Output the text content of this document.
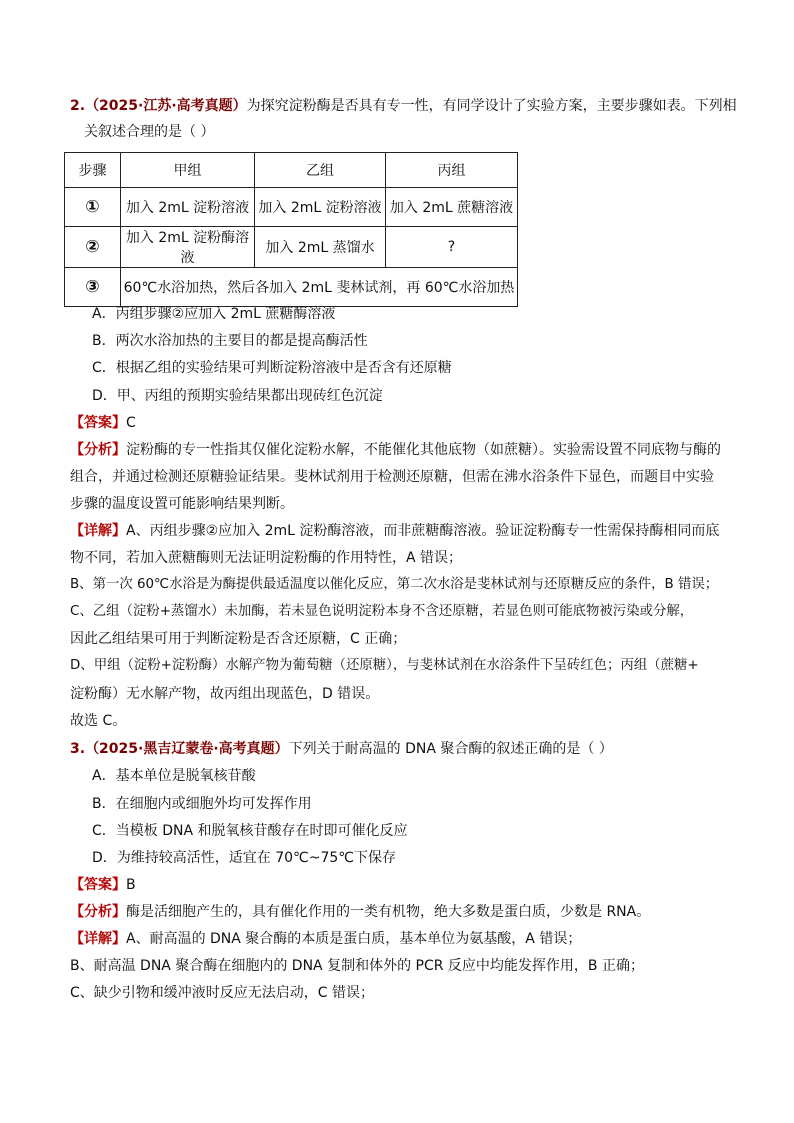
2.（2025·江苏·高考真题）为探究淀粉酶是否具有专一性，有同学设计了实验方案，主要步骤如表。下列相
关叙述合理的是（ ）
步骤	甲组	乙组	丙组
①	加入 2mL 淀粉溶液	加入 2mL 淀粉溶液	加入 2mL 蔗糖溶液
②	加入 2mL 淀粉酶溶液	加入 2mL 蒸馏水	?
③	60℃水浴加热，然后各加入 2mL 斐林试剂，再 60℃水浴加热		
A．丙组步骤②应加入 2mL 蔗糖酶溶液
B．两次水浴加热的主要目的都是提高酶活性
C．根据乙组的实验结果可判断淀粉溶液中是否含有还原糖
D．甲、丙组的预期实验结果都出现砖红色沉淀
【答案】C
【分析】淀粉酶的专一性指其仅催化淀粉水解，不能催化其他底物（如蔗糖）。实验需设置不同底物与酶的
组合，并通过检测还原糖验证结果。斐林试剂用于检测还原糖，但需在沸水浴条件下显色，而题目中实验
步骤的温度设置可能影响结果判断。
【详解】A、丙组步骤②应加入 2mL 淀粉酶溶液，而非蔗糖酶溶液。验证淀粉酶专一性需保持酶相同而底
物不同，若加入蔗糖酶则无法证明淀粉酶的作用特性，A 错误；
B、第一次 60℃水浴是为酶提供最适温度以催化反应，第二次水浴是斐林试剂与还原糖反应的条件，B 错误；
C、乙组（淀粉+蒸馏水）未加酶，若未显色说明淀粉本身不含还原糖，若显色则可能底物被污染或分解，
因此乙组结果可用于判断淀粉是否含还原糖，C 正确；
D、甲组（淀粉+淀粉酶）水解产物为葡萄糖（还原糖），与斐林试剂在水浴条件下呈砖红色；丙组（蔗糖+
淀粉酶）无水解产物，故丙组出现蓝色，D 错误。
故选 C。
3.（2025·黑吉辽蒙卷·高考真题）下列关于耐高温的 DNA 聚合酶的叙述正确的是（ ）
A．基本单位是脱氧核苷酸
B．在细胞内或细胞外均可发挥作用
C．当模板 DNA 和脱氧核苷酸存在时即可催化反应
D．为维持较高活性，适宜在 70℃~75℃下保存
【答案】B
【分析】酶是活细胞产生的，具有催化作用的一类有机物，绝大多数是蛋白质，少数是 RNA。
【详解】A、耐高温的 DNA 聚合酶的本质是蛋白质，基本单位为氨基酸，A 错误；
B、耐高温 DNA 聚合酶在细胞内的 DNA 复制和体外的 PCR 反应中均能发挥作用，B 正确；
C、缺少引物和缓冲液时反应无法启动，C 错误；
